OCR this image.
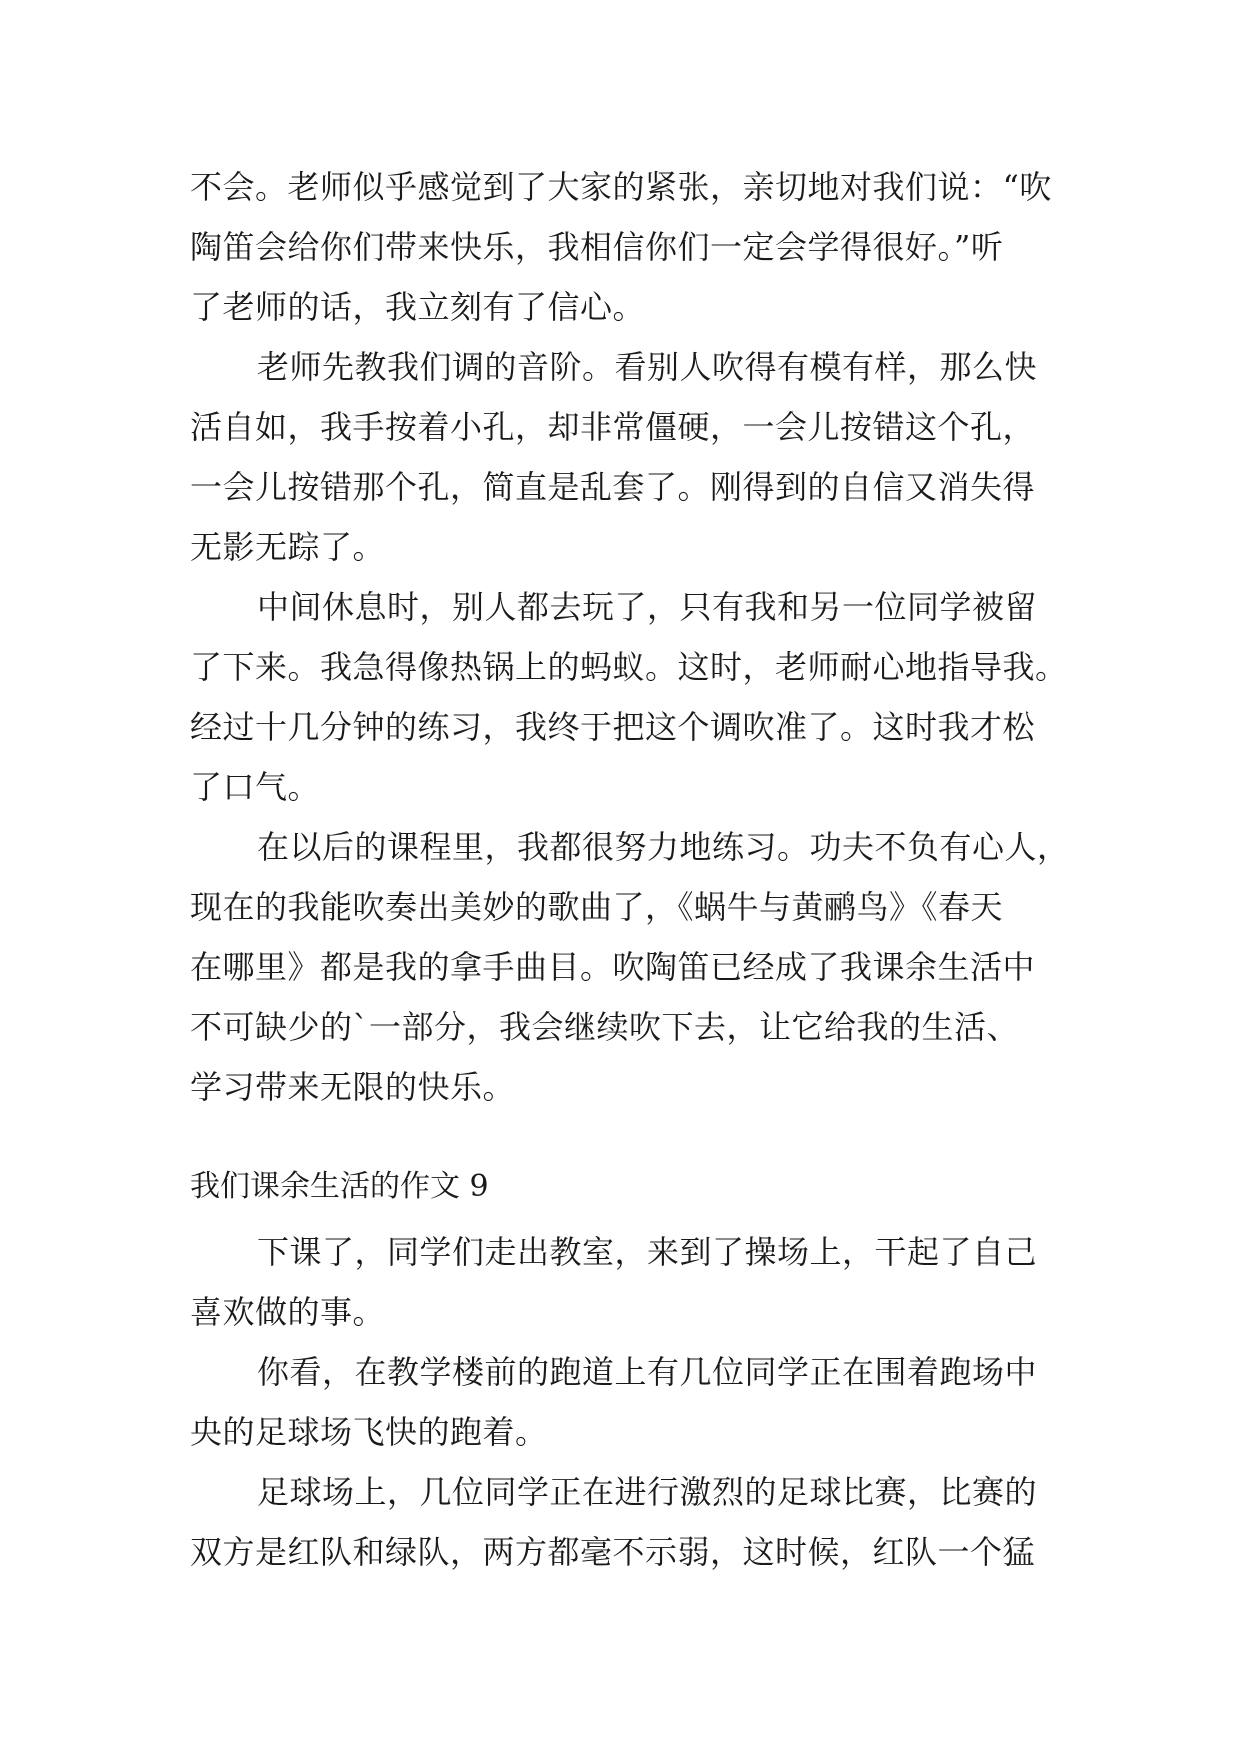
不会。老师似乎感觉到了大家的紧张，亲切地对我们说：“吹
陶笛会给你们带来快乐，我相信你们一定会学得很好。”听
了老师的话，我立刻有了信心。
老师先教我们调的音阶。看别人吹得有模有样，那么快
活自如，我手按着小孔，却非常僵硬，一会儿按错这个孔，
一会儿按错那个孔，简直是乱套了。刚得到的自信又消失得
无影无踪了。
中间休息时，别人都去玩了，只有我和另一位同学被留
了下来。我急得像热锅上的蚂蚁。这时，老师耐心地指导我。
经过十几分钟的练习，我终于把这个调吹准了。这时我才松
了口气。
在以后的课程里，我都很努力地练习。功夫不负有心人，
现在的我能吹奏出美妙的歌曲了，《蜗牛与黄鹂鸟》《春天
在哪里》都是我的拿手曲目。吹陶笛已经成了我课余生活中
不可缺少的`一部分，我会继续吹下去，让它给我的生活、
学习带来无限的快乐。
我们课余生活的作文 9
下课了，同学们走出教室，来到了操场上，干起了自己
喜欢做的事。
你看，在教学楼前的跑道上有几位同学正在围着跑场中
央的足球场飞快的跑着。
足球场上，几位同学正在进行激烈的足球比赛，比赛的
双方是红队和绿队，两方都毫不示弱，这时候，红队一个猛
